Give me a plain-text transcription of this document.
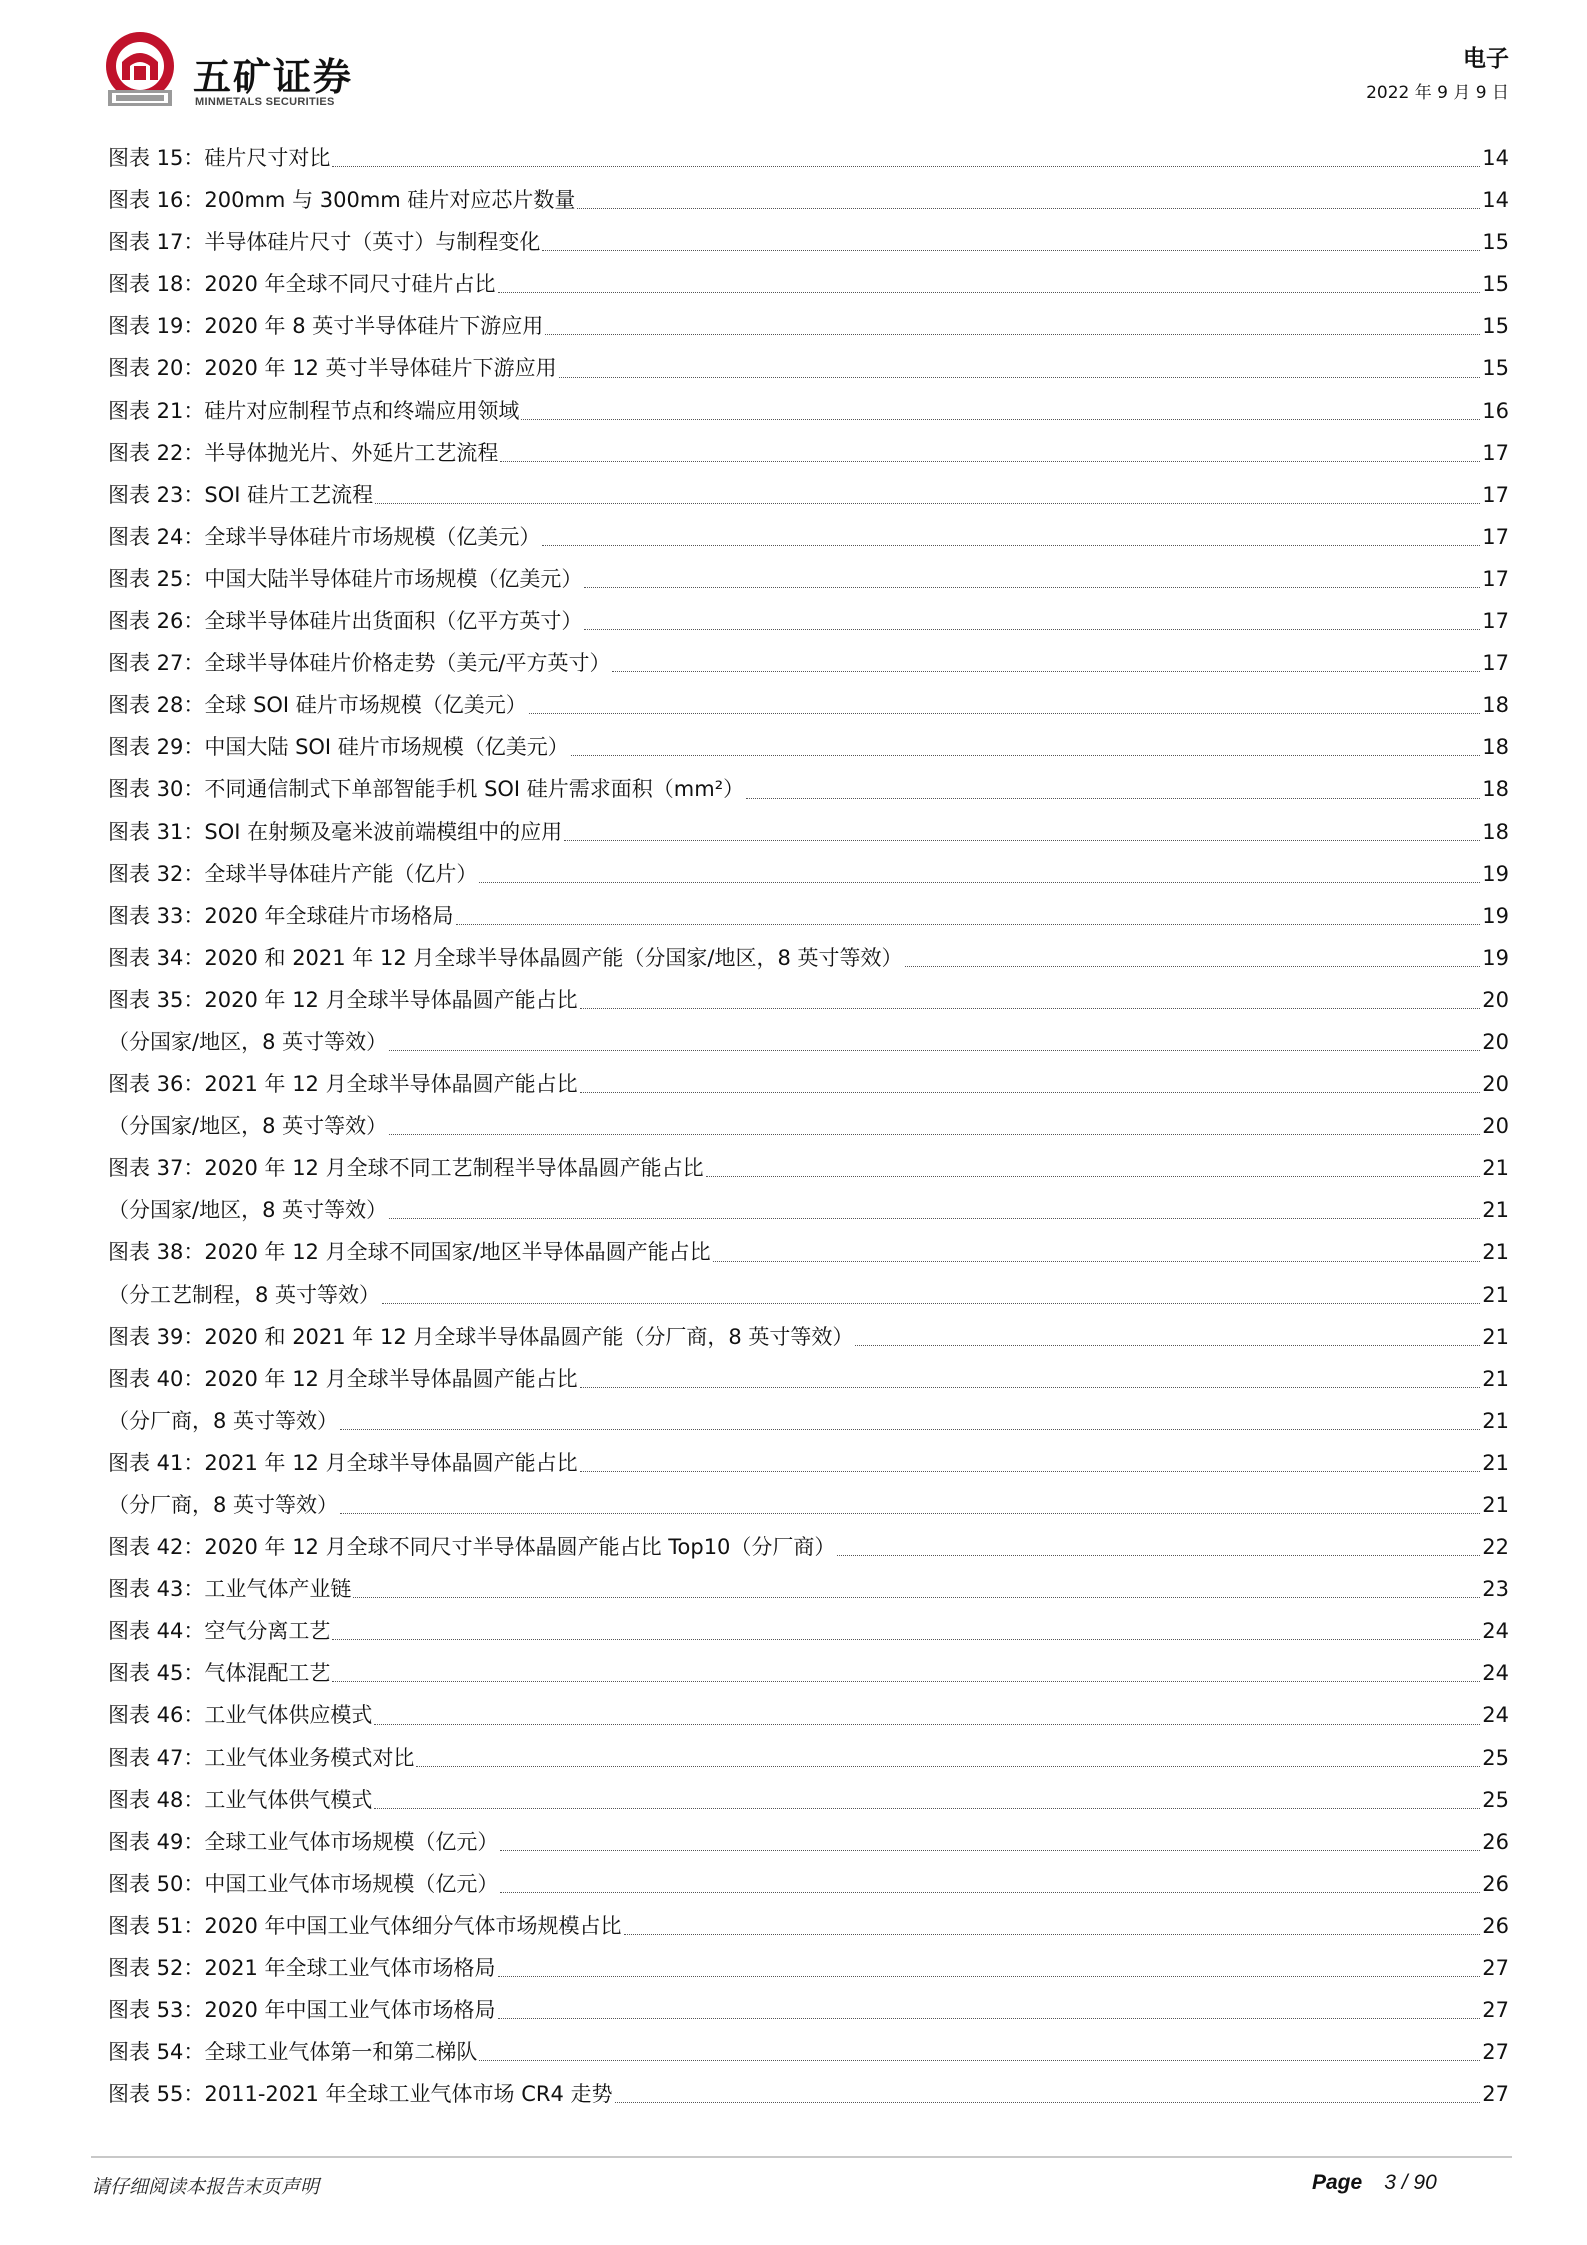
五矿证券
MINMETALS SECURITIES
电子
2022 年 9 月 9 日
图表 15：硅片尺寸对比	14
图表 16：200mm 与 300mm 硅片对应芯片数量	14
图表 17：半导体硅片尺寸（英寸）与制程变化	15
图表 18：2020 年全球不同尺寸硅片占比	15
图表 19：2020 年 8 英寸半导体硅片下游应用	15
图表 20：2020 年 12 英寸半导体硅片下游应用	15
图表 21：硅片对应制程节点和终端应用领域	16
图表 22：半导体抛光片、外延片工艺流程	17
图表 23：SOI 硅片工艺流程	17
图表 24：全球半导体硅片市场规模（亿美元）	17
图表 25：中国大陆半导体硅片市场规模（亿美元）	17
图表 26：全球半导体硅片出货面积（亿平方英寸）	17
图表 27：全球半导体硅片价格走势（美元/平方英寸）	17
图表 28：全球 SOI 硅片市场规模（亿美元）	18
图表 29：中国大陆 SOI 硅片市场规模（亿美元）	18
图表 30：不同通信制式下单部智能手机 SOI 硅片需求面积（mm²）	18
图表 31：SOI 在射频及毫米波前端模组中的应用	18
图表 32：全球半导体硅片产能（亿片）	19
图表 33：2020 年全球硅片市场格局	19
图表 34：2020 和 2021 年 12 月全球半导体晶圆产能（分国家/地区，8 英寸等效）	19
图表 35：2020 年 12 月全球半导体晶圆产能占比	20
（分国家/地区，8 英寸等效）	20
图表 36：2021 年 12 月全球半导体晶圆产能占比	20
（分国家/地区，8 英寸等效）	20
图表 37：2020 年 12 月全球不同工艺制程半导体晶圆产能占比	21
（分国家/地区，8 英寸等效）	21
图表 38：2020 年 12 月全球不同国家/地区半导体晶圆产能占比	21
（分工艺制程，8 英寸等效）	21
图表 39：2020 和 2021 年 12 月全球半导体晶圆产能（分厂商，8 英寸等效）	21
图表 40：2020 年 12 月全球半导体晶圆产能占比	21
（分厂商，8 英寸等效）	21
图表 41：2021 年 12 月全球半导体晶圆产能占比	21
（分厂商，8 英寸等效）	21
图表 42：2020 年 12 月全球不同尺寸半导体晶圆产能占比 Top10（分厂商）	22
图表 43：工业气体产业链	23
图表 44：空气分离工艺	24
图表 45：气体混配工艺	24
图表 46：工业气体供应模式	24
图表 47：工业气体业务模式对比	25
图表 48：工业气体供气模式	25
图表 49：全球工业气体市场规模（亿元）	26
图表 50：中国工业气体市场规模（亿元）	26
图表 51：2020 年中国工业气体细分气体市场规模占比	26
图表 52：2021 年全球工业气体市场格局	27
图表 53：2020 年中国工业气体市场格局	27
图表 54：全球工业气体第一和第二梯队	27
图表 55：2011-2021 年全球工业气体市场 CR4 走势	27
请仔细阅读本报告末页声明	Page 3 / 90
